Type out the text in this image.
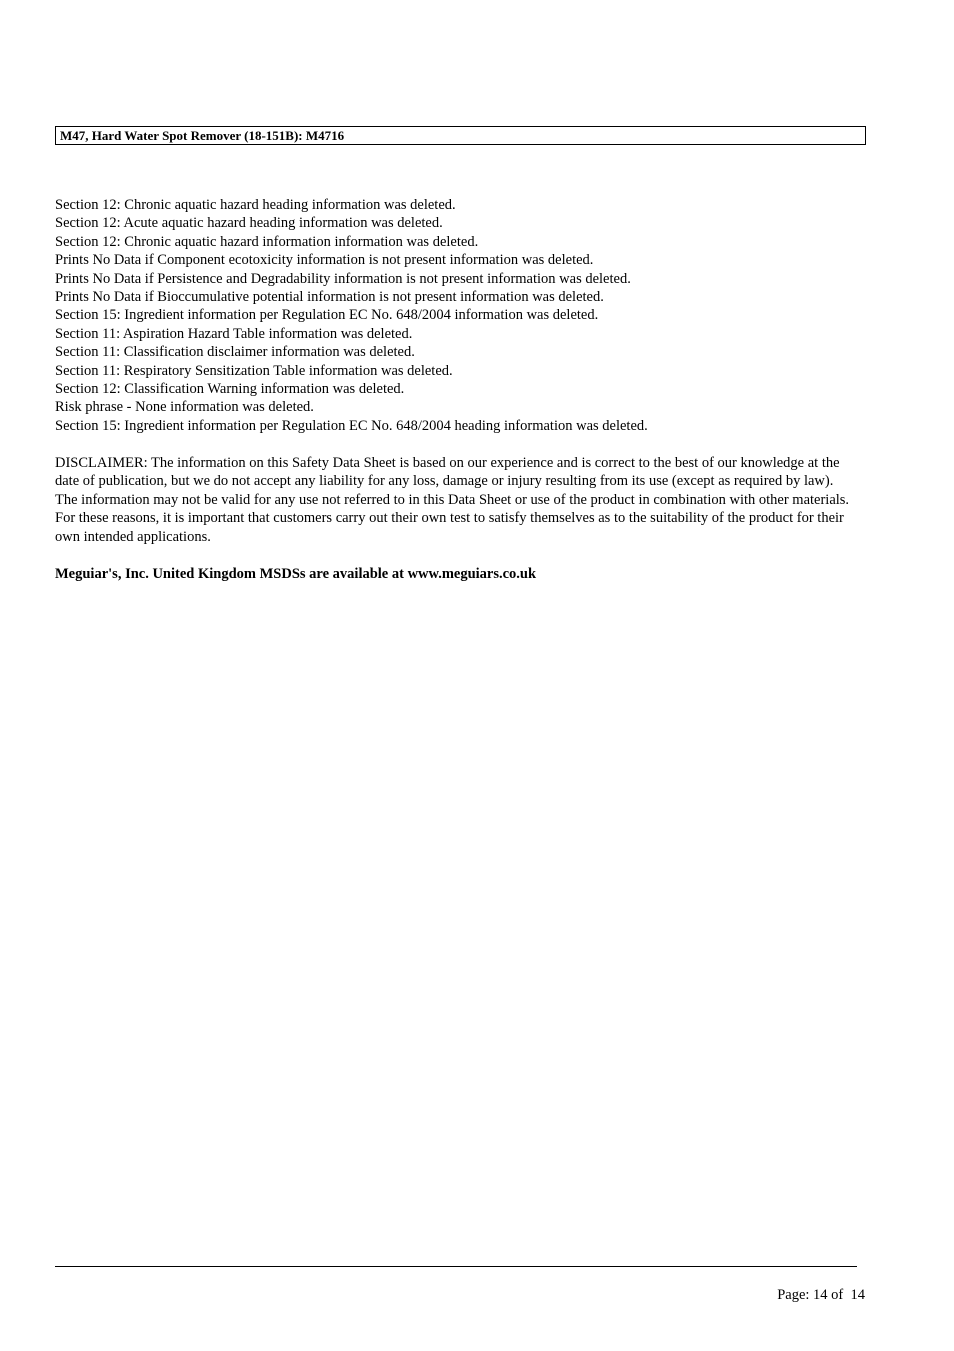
M47, Hard Water Spot Remover (18-151B): M4716
Section 12: Chronic aquatic hazard heading information was deleted.
Section 12: Acute aquatic hazard heading information was deleted.
Section 12: Chronic aquatic hazard information information was deleted.
Prints No Data if Component ecotoxicity information is not present information was deleted.
Prints No Data if Persistence and Degradability information is not present information was deleted.
Prints No Data if Bioccumulative potential information is not present information was deleted.
Section 15: Ingredient information per Regulation EC No. 648/2004 information was deleted.
Section 11: Aspiration Hazard Table information was deleted.
Section 11: Classification disclaimer information was deleted.
Section 11: Respiratory Sensitization Table information was deleted.
Section 12: Classification Warning information was deleted.
Risk phrase - None information was deleted.
Section 15: Ingredient information per Regulation EC No. 648/2004 heading information was deleted.

DISCLAIMER: The information on this Safety Data Sheet is based on our experience and is correct to the best of our knowledge at the date of publication, but we do not accept any liability for any loss, damage or injury resulting from its use (except as required by law). The information may not be valid for any use not referred to in this Data Sheet or use of the product in combination with other materials. For these reasons, it is important that customers carry out their own test to satisfy themselves as to the suitability of the product for their own intended applications.

Meguiar's, Inc. United Kingdom MSDSs are available at www.meguiars.co.uk

Page: 14 of  14
